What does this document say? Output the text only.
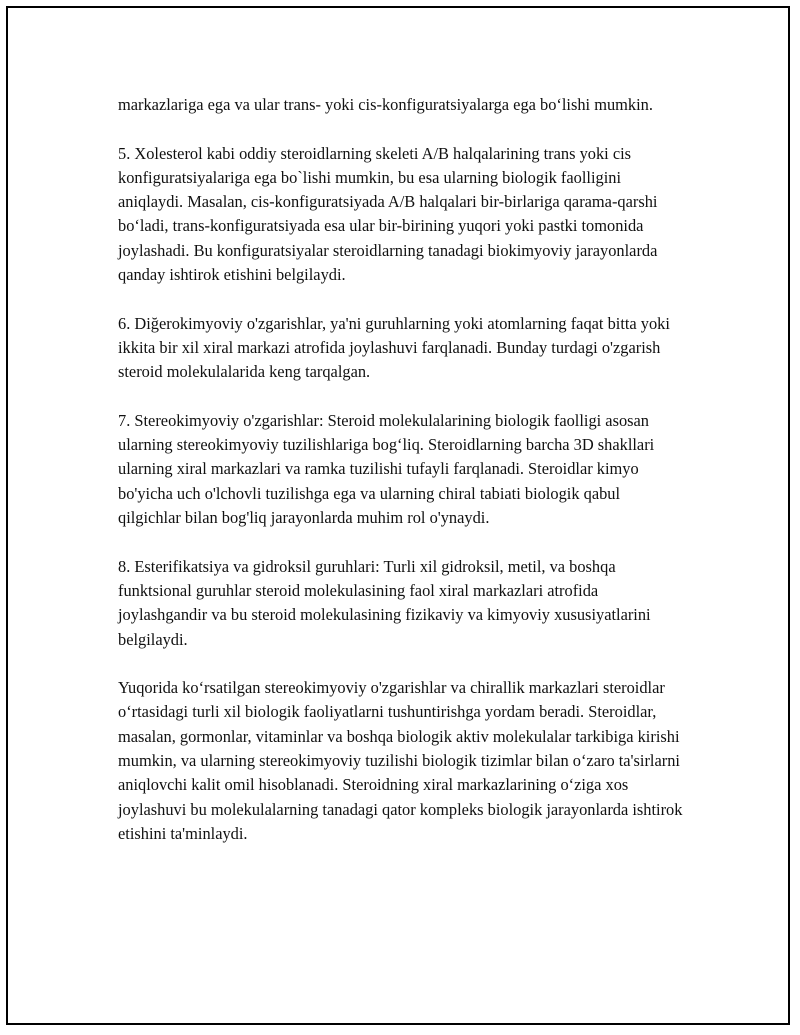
markazlariga ega va ular trans- yoki cis-konfiguratsiyalarga ega bo‘lishi mumkin.

5. Xolesterol kabi oddiy steroidlarning skeleti A/B halqalarining trans yoki cis konfiguratsiyalariga ega bo`lishi mumkin, bu esa ularning biologik faolligini aniqlaydi. Masalan, cis-konfiguratsiyada A/B halqalari bir-birlariga qarama-qarshi bo‘ladi, trans-konfiguratsiyada esa ular bir-birining yuqori yoki pastki tomonida joylashadi. Bu konfiguratsiyalar steroidlarning tanadagi biokimyoviy jarayonlarda qanday ishtirok etishini belgilaydi.

6. Diğerokimyoviy o'zgarishlar, ya'ni guruhlarning yoki atomlarning faqat bitta yoki ikkita bir xil xiral markazi atrofida joylashuvi farqlanadi. Bunday turdagi o'zgarish steroid molekulalarida keng tarqalgan.

7. Stereokimyoviy o'zgarishlar: Steroid molekulalarining biologik faolligi asosan ularning stereokimyoviy tuzilishlariga bog‘liq. Steroidlarning barcha 3D shakllari ularning xiral markazlari va ramka tuzilishi tufayli farqlanadi. Steroidlar kimyo bo'yicha uch o'lchovli tuzilishga ega va ularning chiral tabiati biologik qabul qilgichlar bilan bog'liq jarayonlarda muhim rol o'ynaydi.

8. Esterifikatsiya va gidroksil guruhlari: Turli xil gidroksil, metil, va boshqa funktsional guruhlar steroid molekulasining faol xiral markazlari atrofida joylashgandir va bu steroid molekulasining fizikaviy va kimyoviy xususiyatlarini belgilaydi.

Yuqorida ko‘rsatilgan stereokimyoviy o'zgarishlar va chirallik markazlari steroidlar o‘rtasidagi turli xil biologik faoliyatlarni tushuntirishga yordam beradi. Steroidlar, masalan, gormonlar, vitaminlar va boshqa biologik aktiv molekulalar tarkibiga kirishi mumkin, va ularning stereokimyoviy tuzilishi biologik tizimlar bilan o‘zaro ta'sirlarni aniqlovchi kalit omil hisoblanadi. Steroidning xiral markazlarining o‘ziga xos joylashuvi bu molekulalarning tanadagi qator kompleks biologik jarayonlarda ishtirok etishini ta'minlaydi.
